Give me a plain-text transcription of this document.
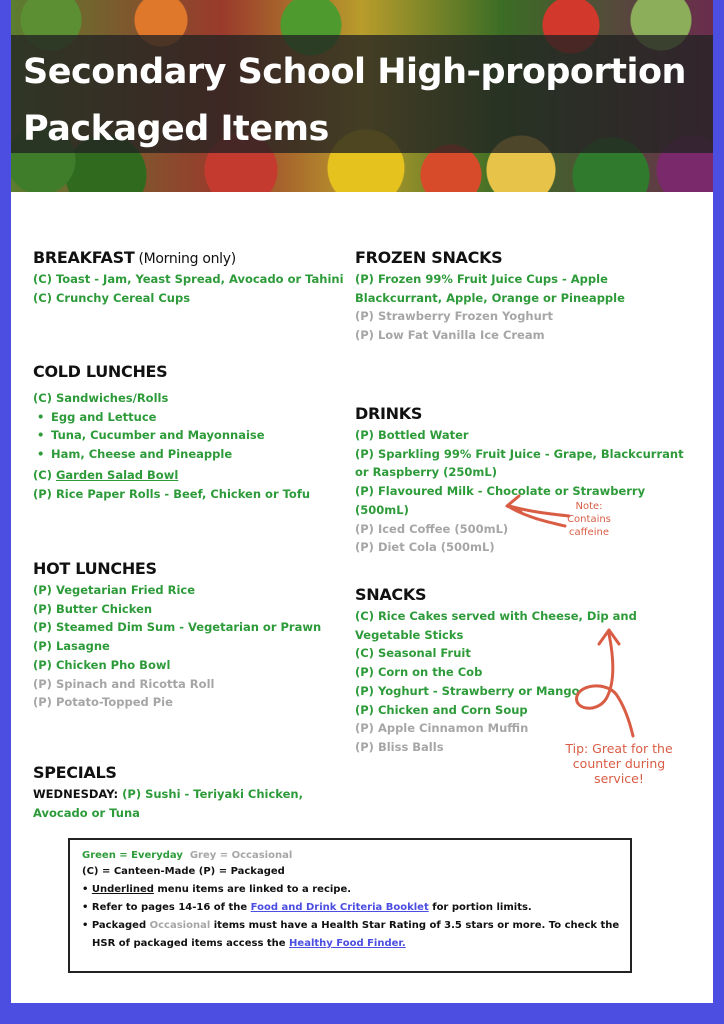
Secondary School High-proportion Packaged Items
BREAKFAST (Morning only)
(C) Toast - Jam, Yeast Spread, Avocado or Tahini
(C) Crunchy Cereal Cups
COLD LUNCHES
(C) Sandwiches/Rolls
• Egg and Lettuce
• Tuna, Cucumber and Mayonnaise
• Ham, Cheese and Pineapple
(C) Garden Salad Bowl
(P) Rice Paper Rolls - Beef, Chicken or Tofu
HOT LUNCHES
(P) Vegetarian Fried Rice
(P) Butter Chicken
(P) Steamed Dim Sum - Vegetarian or Prawn
(P) Lasagne
(P) Chicken Pho Bowl
(P) Spinach and Ricotta Roll
(P) Potato-Topped Pie
SPECIALS
WEDNESDAY: (P) Sushi - Teriyaki Chicken, Avocado or Tuna
FROZEN SNACKS
(P) Frozen 99% Fruit Juice Cups - Apple Blackcurrant, Apple, Orange or Pineapple
(P) Strawberry Frozen Yoghurt
(P) Low Fat Vanilla Ice Cream
DRINKS
(P) Bottled Water
(P) Sparkling 99% Fruit Juice - Grape, Blackcurrant or Raspberry (250mL)
(P) Flavoured Milk - Chocolate or Strawberry (500mL)
(P) Iced Coffee (500mL)
(P) Diet Cola (500mL)
Note:
Contains
caffeine
SNACKS
(C) Rice Cakes served with Cheese, Dip and Vegetable Sticks
(C) Seasonal Fruit
(P) Corn on the Cob
(P) Yoghurt - Strawberry or Mango
(P) Chicken and Corn Soup
(P) Apple Cinnamon Muffin
(P) Bliss Balls	Tip: Great for the
counter during
service!
Green = Everyday Grey = Occasional
(C) = Canteen-Made (P) = Packaged
• Underlined menu items are linked to a recipe.
• Refer to pages 14-16 of the Food and Drink Criteria Booklet for portion limits.
• Packaged Occasional items must have a Health Star Rating of 3.5 stars or more. To check the
HSR of packaged items access the Healthy Food Finder.
